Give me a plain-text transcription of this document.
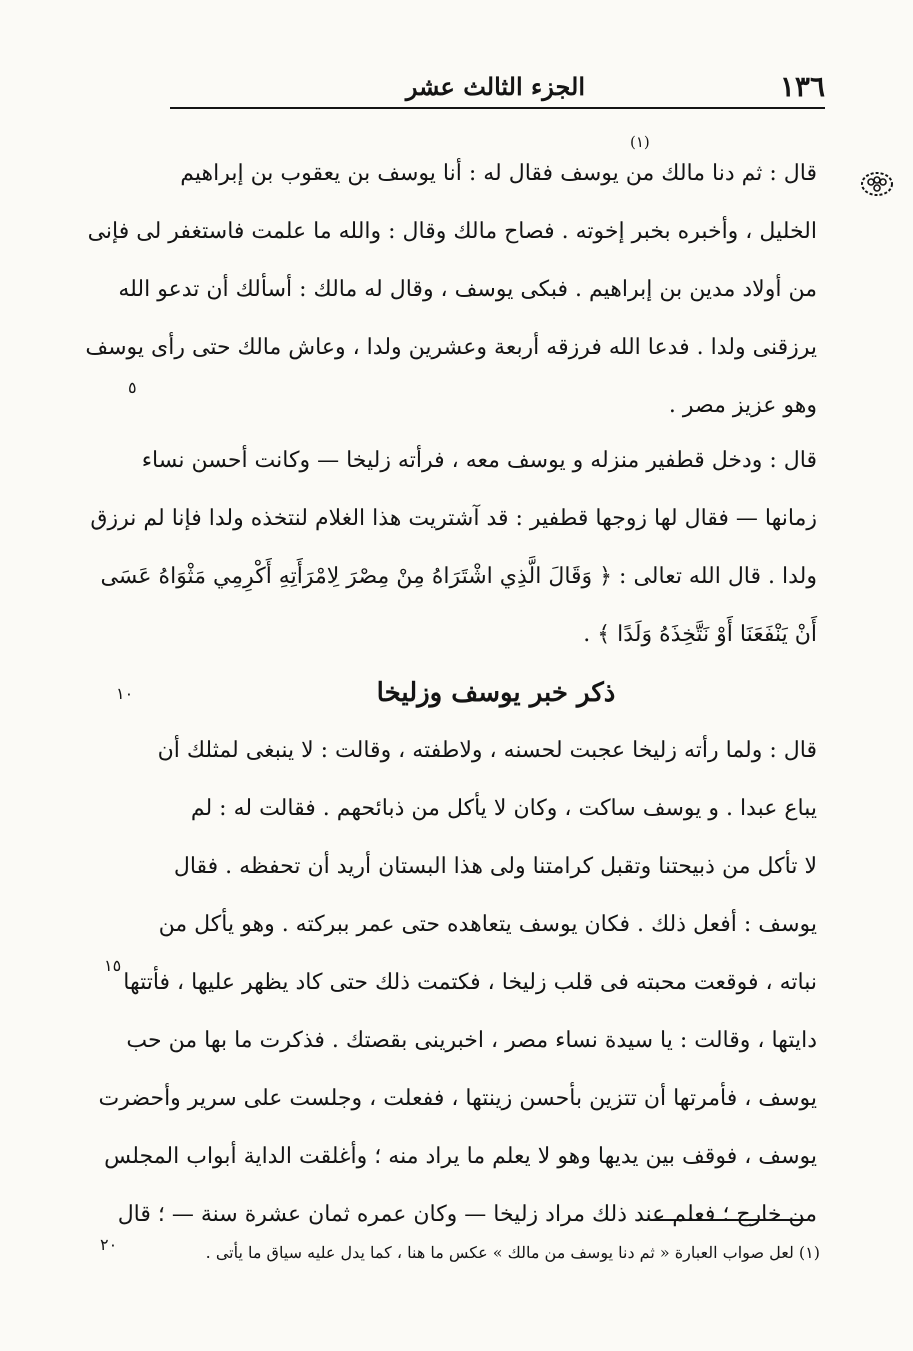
١٣٦
الجزء الثالث عشر
(١)
قال : ثم دنا مالك من يوسف فقال له : أنا يوسف بن يعقوب بن إبراهيم
الخليل ، وأخبره بخبر إخوته . فصاح مالك وقال : والله ما علمت فاستغفر لى فإنى
من أولاد مدين بن إبراهيم . فبكى يوسف ، وقال له مالك : أسألك أن تدعو الله
يرزقنى ولدا . فدعا الله فرزقه أربعة وعشرين ولدا ، وعاش مالك حتى رأى يوسف
وهو عزيز مصر .
قال : ودخل قطفير منزله و يوسف معه ، فرأته زليخا — وكانت أحسن نساء
زمانها — فقال لها زوجها قطفير : قد آشتريت هذا الغلام لنتخذه ولدا فإنا لم نرزق
ولدا . قال الله تعالى : ﴿ وَقَالَ الَّذِي اشْتَرَاهُ مِنْ مِصْرَ لِامْرَأَتِهِ أَكْرِمِي مَثْوَاهُ عَسَى
أَنْ يَنْفَعَنَا أَوْ نَتَّخِذَهُ وَلَدًا ﴾ .
ذكر خبر يوسف وزليخا
قال : ولما رأته زليخا عجبت لحسنه ، ولاطفته ، وقالت : لا ينبغى لمثلك أن
يباع عبدا . و يوسف ساكت ، وكان لا يأكل من ذبائحهم . فقالت له : لم
لا تأكل من ذبيحتنا وتقبل كرامتنا ولى هذا البستان أريد أن تحفظه . فقال
يوسف : أفعل ذلك . فكان يوسف يتعاهده حتى عمر ببركته . وهو يأكل من
نباته ، فوقعت محبته فى قلب زليخا ، فكتمت ذلك حتى كاد يظهر عليها ، فأتتها
دايتها ، وقالت : يا سيدة نساء مصر ، اخبرينى بقصتك . فذكرت ما بها من حب
يوسف ، فأمرتها أن تتزين بأحسن زينتها ، ففعلت ، وجلست على سرير وأحضرت
يوسف ، فوقف بين يديها وهو لا يعلم ما يراد منه ؛ وأغلقت الداية أبواب المجلس
من خارج ؛ فعلم عند ذلك مراد زليخا — وكان عمره ثمان عشرة سنة — ؛ قال
٥
١٠
١٥
٢٠	(١) لعل صواب العبارة « ثم دنا يوسف من مالك » عكس ما هنا ، كما يدل عليه سياق ما يأتى .
